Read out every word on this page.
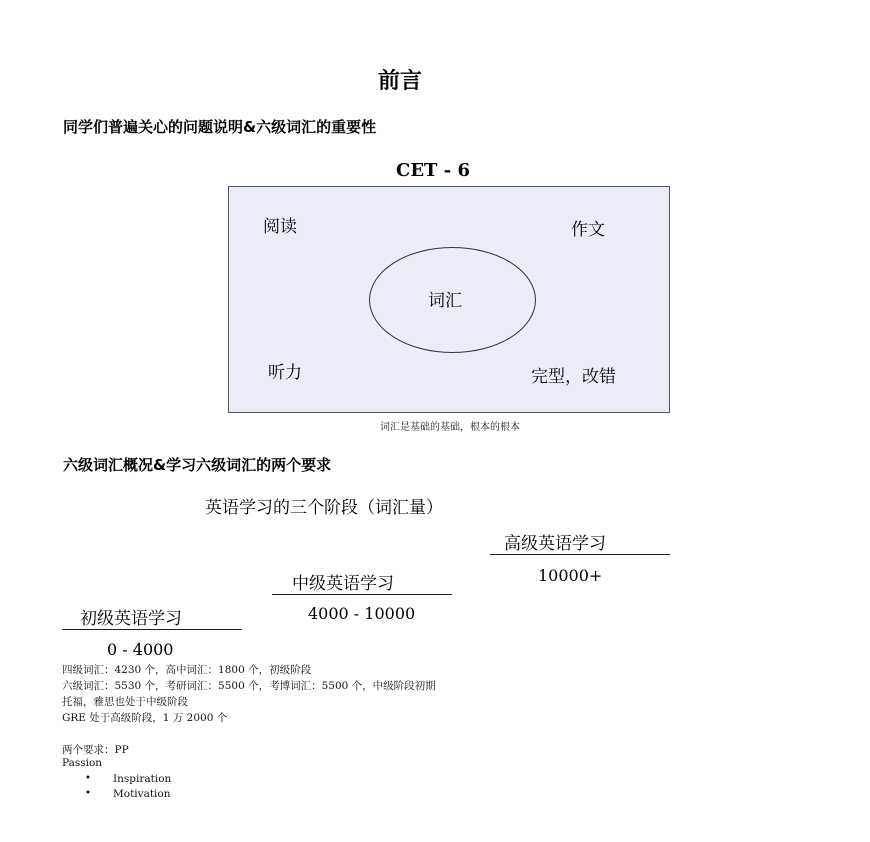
前言
同学们普遍关心的问题说明&六级词汇的重要性
CET - 6
阅读	作文
词汇
听力	完型，改错
词汇是基础的基础，根本的根本
六级词汇概况&学习六级词汇的两个要求
英语学习的三个阶段（词汇量）
高级英语学习
10000+
中级英语学习
4000 - 10000
初级英语学习
0 - 4000
四级词汇：4230 个，高中词汇：1800 个，初级阶段
六级词汇：5530 个，考研词汇：5500 个，考博词汇：5500 个，中级阶段初期
托福，雅思也处于中级阶段
GRE 处于高级阶段，1 万 2000 个
两个要求：PP
Passion
• Inspiration
• Motivation
